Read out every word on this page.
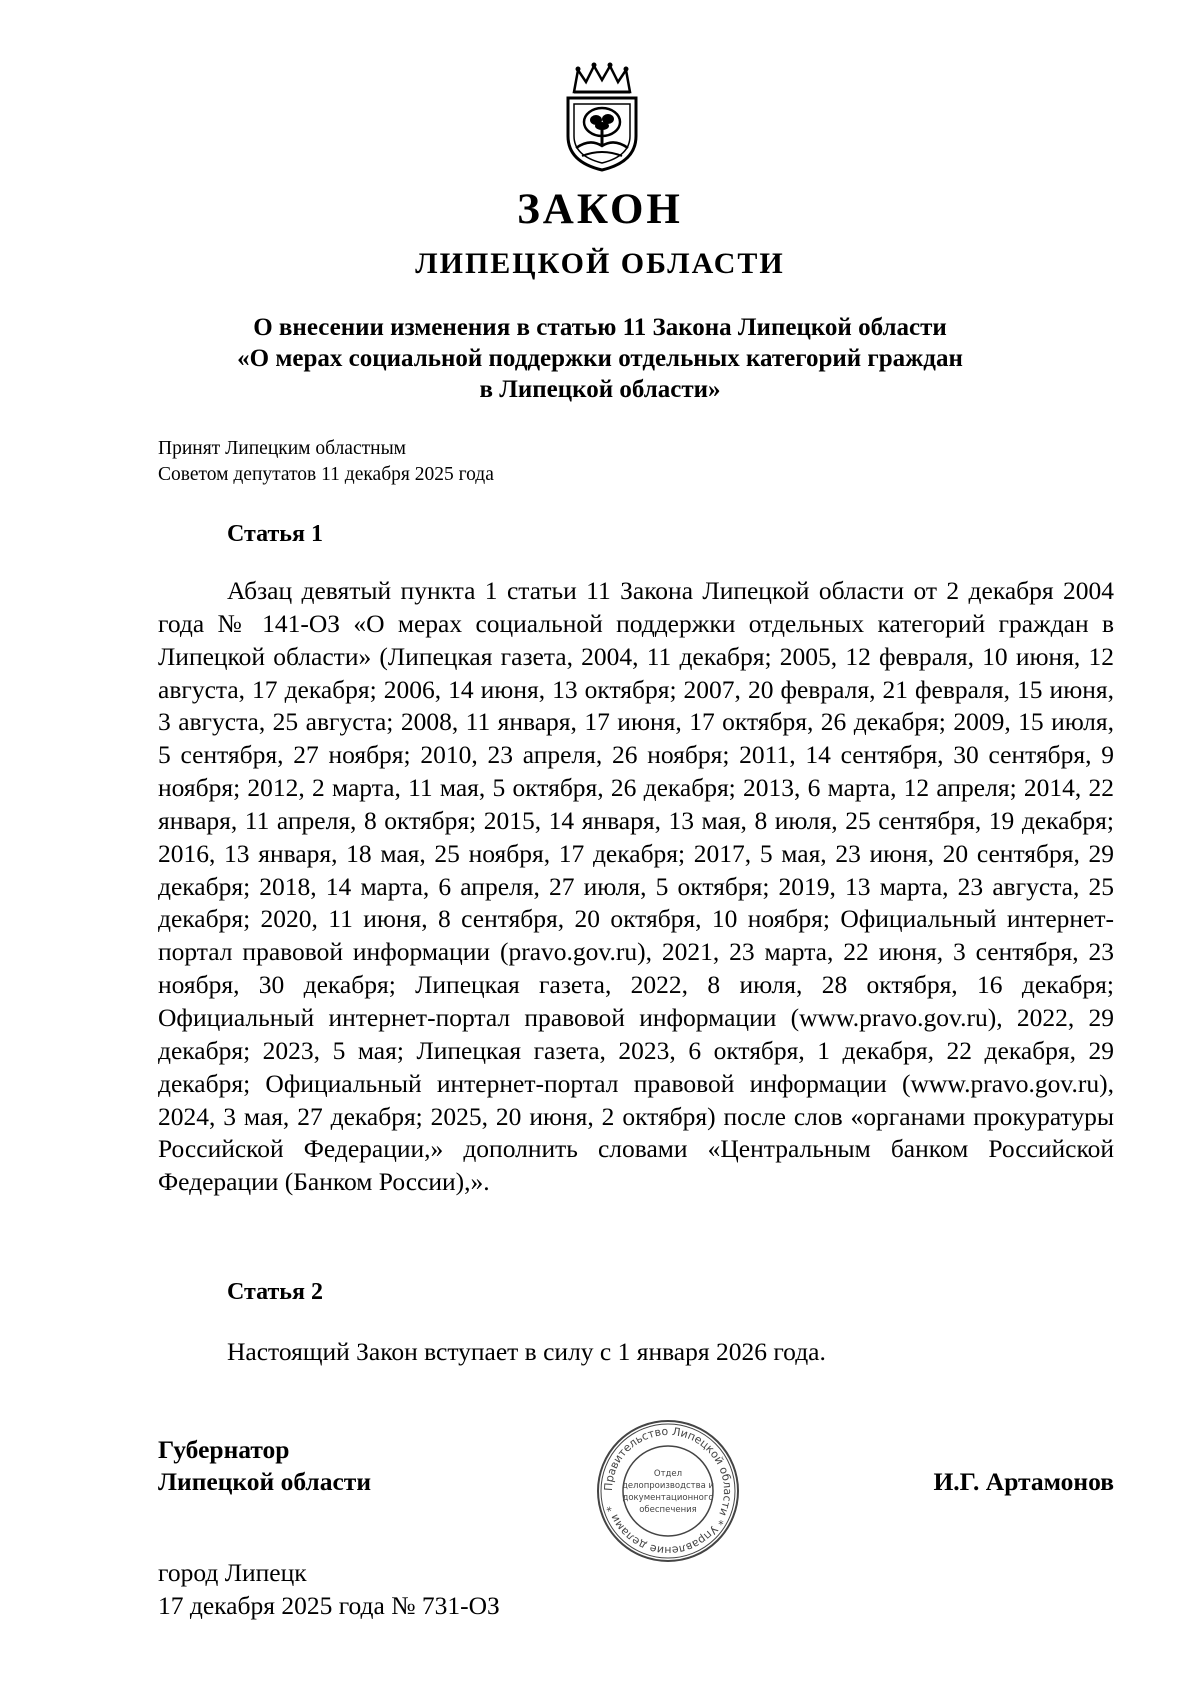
ЗАКОН
ЛИПЕЦКОЙ ОБЛАСТИ
О внесении изменения в статью 11 Закона Липецкой области
«О мерах социальной поддержки отдельных категорий граждан
в Липецкой области»
Принят Липецким областным
Советом депутатов 11 декабря 2025 года
Статья 1
Абзац девятый пункта 1 статьи 11 Закона Липецкой области от 2 декабря 2004 года № 141-ОЗ «О мерах социальной поддержки отдельных категорий граждан в Липецкой области» (Липецкая газета, 2004, 11 декабря; 2005, 12 февраля, 10 июня, 12 августа, 17 декабря; 2006, 14 июня, 13 октября; 2007, 20 февраля, 21 февраля, 15 июня, 3 августа, 25 августа; 2008, 11 января, 17 июня, 17 октября, 26 декабря; 2009, 15 июля, 5 сентября, 27 ноября; 2010, 23 апреля, 26 ноября; 2011, 14 сентября, 30 сентября, 9 ноября; 2012, 2 марта, 11 мая, 5 октября, 26 декабря; 2013, 6 марта, 12 апреля; 2014, 22 января, 11 апреля, 8 октября; 2015, 14 января, 13 мая, 8 июля, 25 сентября, 19 декабря; 2016, 13 января, 18 мая, 25 ноября, 17 декабря; 2017, 5 мая, 23 июня, 20 сентября, 29 декабря; 2018, 14 марта, 6 апреля, 27 июля, 5 октября; 2019, 13 марта, 23 августа, 25 декабря; 2020, 11 июня, 8 сентября, 20 октября, 10 ноября; Официальный интернет-портал правовой информации (pravo.gov.ru), 2021, 23 марта, 22 июня, 3 сентября, 23 ноября, 30 декабря; Липецкая газета, 2022, 8 июля, 28 октября, 16 декабря; Официальный интернет-портал правовой информации (www.pravo.gov.ru), 2022, 29 декабря; 2023, 5 мая; Липецкая газета, 2023, 6 октября, 1 декабря, 22 декабря, 29 декабря; Официальный интернет-портал правовой информации (www.pravo.gov.ru), 2024, 3 мая, 27 декабря; 2025, 20 июня, 2 октября) после слов «органами прокуратуры Российской Федерации,» дополнить словами «Центральным банком Российской Федерации (Банком России),».
Статья 2
Настоящий Закон вступает в силу с 1 января 2026 года.
Губернатор
Липецкой области	Правительство Липецкой области * Управление делами *
Отдел
делопроизводства и
документационного
обеспечения
И.Г. Артамонов
город Липецк
17 декабря 2025 года № 731-ОЗ
